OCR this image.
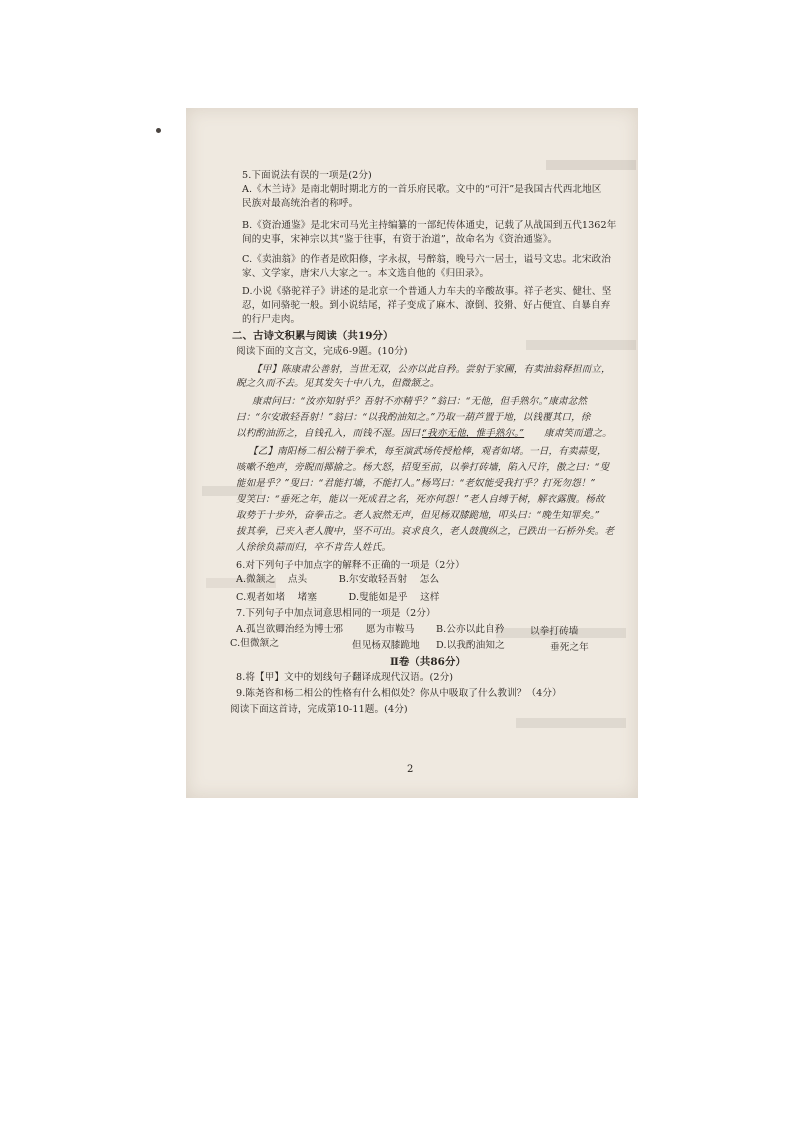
5.下面说法有误的一项是(2分)
A.《木兰诗》是南北朝时期北方的一首乐府民歌。文中的“可汗”是我国古代西北地区
民族对最高统治者的称呼。
B.《资治通鉴》是北宋司马光主持编纂的一部纪传体通史，记载了从战国到五代1362年
间的史事，宋神宗以其“鉴于往事，有资于治道”，故命名为《资治通鉴》。
C.《卖油翁》的作者是欧阳修，字永叔，号醉翁，晚号六一居士，谥号文忠。北宋政治
家、文学家，唐宋八大家之一。本文选自他的《归田录》。
D.小说《骆驼祥子》讲述的是北京一个普通人力车夫的辛酸故事。祥子老实、健壮、坚
忍，如同骆驼一般。到小说结尾，祥子变成了麻木、潦倒、狡猾、好占便宜、自暴自弃
的行尸走肉。
二、古诗文积累与阅读（共19分）
阅读下面的文言文，完成6-9题。(10分)
【甲】陈康肃公善射，当世无双，公亦以此自矜。尝射于家圃，有卖油翁释担而立，
睨之久而不去。见其发矢十中八九，但微颔之。
康肃问曰：“汝亦知射乎？吾射不亦精乎？”翁曰：“无他，但手熟尔。”康肃忿然
曰：“尔安敢轻吾射！”翁曰：“以我酌油知之。”乃取一葫芦置于地，以钱覆其口，徐
以杓酌油沥之，自钱孔入，而钱不湿。因曰：
“我亦无他，惟手熟尔。”	康肃笑而遣之。
【乙】南阳杨二相公精于拳术，每至演武场传授枪棒，观者如堵。一日，有卖蒜叟，
咳嗽不绝声，旁睨而揶揄之。杨大怒，招叟至前，以拳打砖墙，陷入尺许，傲之曰：“叟
能如是乎？”叟曰：“君能打墙，不能打人。”杨骂曰：“老奴能受我打乎？打死勿怨！”
叟笑曰：“垂死之年，能以一死成君之名，死亦何怨！”老人自缚于树，解衣露腹。杨故
取势于十步外，奋拳击之。老人寂然无声，但见杨双膝跪地，叩头曰：“晚生知罪矣。”
拔其拳，已夹入老人腹中，坚不可出。哀求良久，老人鼓腹纵之，已跌出一石桥外矣。老
人徐徐负蒜而归，卒不肯告人姓氏。
6.对下列句子中加点字的解释不正确的一项是（2分）
A.微颔之    点头          B.尔安敢轻吾射    怎么
C.观者如堵    堵塞          D.叟能如是乎    这样
7.下列句子中加点词意思相同的一项是（2分）
A.孤岂欲卿治经为博士邪	愿为市鞍马	B.公亦以此自矜	以拳打砖墙
C.但微颔之	但见杨双膝跪地	D.以我酌油知之	垂死之年
Ⅱ卷（共86分）
8.将【甲】文中的划线句子翻译成现代汉语。(2分)
9.陈尧咨和杨二相公的性格有什么相似处？你从中吸取了什么教训？（4分）
阅读下面这首诗，完成第10-11题。(4分)
2
